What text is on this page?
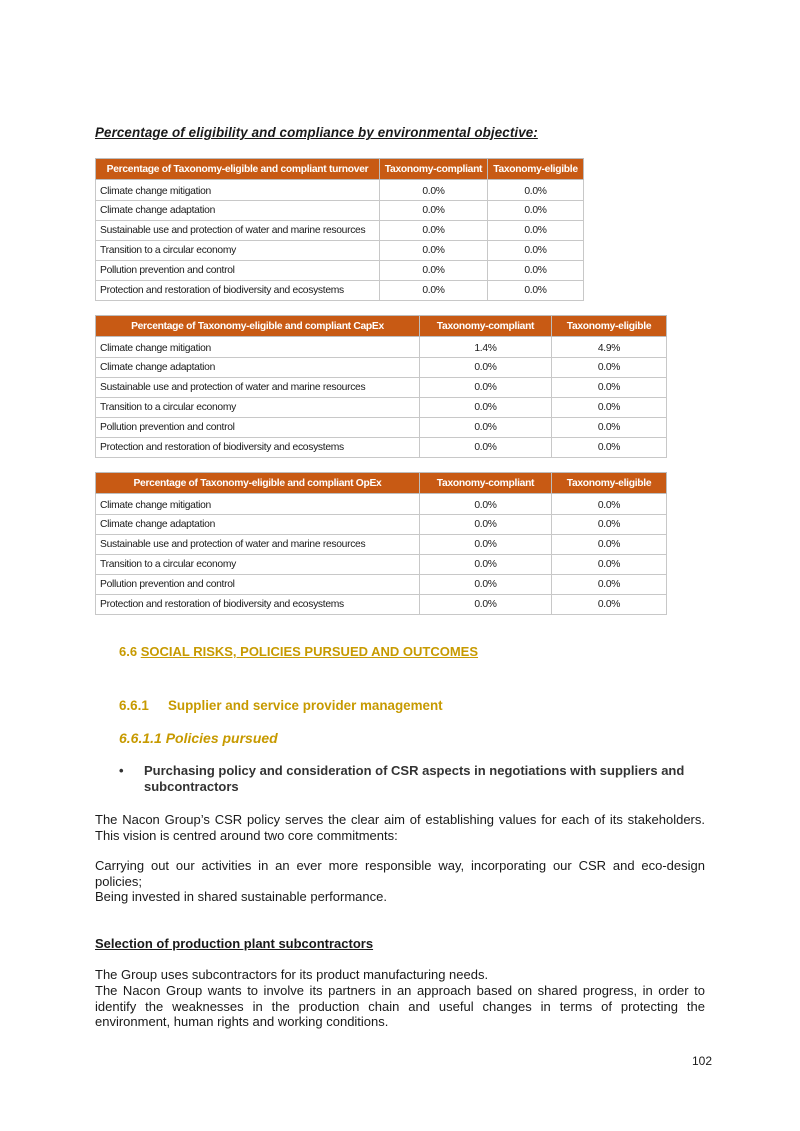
Percentage of eligibility and compliance by environmental objective:
Percentage of Taxonomy-eligible and compliant turnover	Taxonomy-compliant	Taxonomy-eligible
Climate change mitigation	0.0%	0.0%
Climate change adaptation	0.0%	0.0%
Sustainable use and protection of water and marine resources	0.0%	0.0%
Transition to a circular economy	0.0%	0.0%
Pollution prevention and control	0.0%	0.0%
Protection and restoration of biodiversity and ecosystems	0.0%	0.0%
Percentage of Taxonomy-eligible and compliant CapEx	Taxonomy-compliant	Taxonomy-eligible
Climate change mitigation	1.4%	4.9%
Climate change adaptation	0.0%	0.0%
Sustainable use and protection of water and marine resources	0.0%	0.0%
Transition to a circular economy	0.0%	0.0%
Pollution prevention and control	0.0%	0.0%
Protection and restoration of biodiversity and ecosystems	0.0%	0.0%
Percentage of Taxonomy-eligible and compliant OpEx	Taxonomy-compliant	Taxonomy-eligible
Climate change mitigation	0.0%	0.0%
Climate change adaptation	0.0%	0.0%
Sustainable use and protection of water and marine resources	0.0%	0.0%
Transition to a circular economy	0.0%	0.0%
Pollution prevention and control	0.0%	0.0%
Protection and restoration of biodiversity and ecosystems	0.0%	0.0%
6.6 SOCIAL RISKS, POLICIES PURSUED AND OUTCOMES
6.6.1 Supplier and service provider management
6.6.1.1 Policies pursued
• Purchasing policy and consideration of CSR aspects in negotiations with suppliers and subcontractors
The Nacon Group’s CSR policy serves the clear aim of establishing values for each of its stakeholders. This vision is centred around two core commitments:
Carrying out our activities in an ever more responsible way, incorporating our CSR and eco-design policies;
Being invested in shared sustainable performance.
Selection of production plant subcontractors
The Group uses subcontractors for its product manufacturing needs.
The Nacon Group wants to involve its partners in an approach based on shared progress, in order to identify the weaknesses in the production chain and useful changes in terms of protecting the environment, human rights and working conditions.
102
